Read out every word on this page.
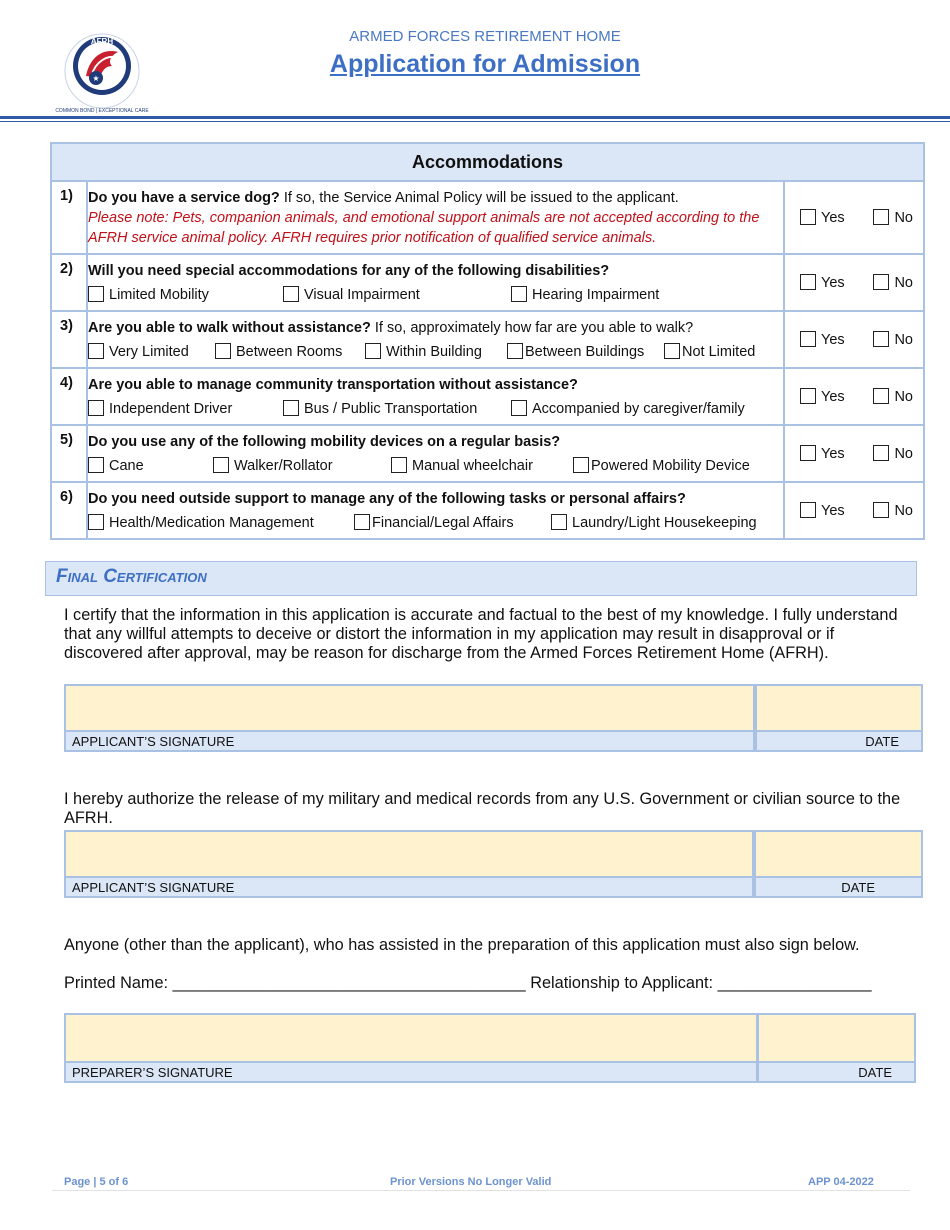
★
AFRH
COMMON BOND | EXCEPTIONAL CARE
ARMED FORCES RETIREMENT HOME
Application for Admission
Accommodations		
1)	Do you have a service dog? If so, the Service Animal Policy will be issued to the applicant.
Please note: Pets, companion animals, and emotional support animals are not accepted according to the AFRH service animal policy. AFRH requires prior notification of qualified service animals.	Yes No

2)	Will you need special accommodations for any of the following disabilities?
Limited Mobility Visual Impairment Hearing Impairment	Yes No

3)	Are you able to walk without assistance? If so, approximately how far are you able to walk?
Very Limited Between Rooms Within Building Between Buildings Not Limited	Yes No

4)	Are you able to manage community transportation without assistance?
Independent Driver Bus / Public Transportation Accompanied by caregiver/family	Yes No

5)	Do you use any of the following mobility devices on a regular basis?
Cane Walker/Rollator Manual wheelchair Powered Mobility Device	Yes No

6)	Do you need outside support to manage any of the following tasks or personal affairs?
Health/Medication Management Financial/Legal Affairs Laundry/Light Housekeeping	Yes No
Final Certification
I certify that the information in this application is accurate and factual to the best of my knowledge. I fully understand that any willful attempts to deceive or distort the information in my application may result in disapproval or if discovered after approval, may be reason for discharge from the Armed Forces Retirement Home (AFRH).
APPLICANT’S SIGNATURE	DATE
I hereby authorize the release of my military and medical records from any U.S. Government or civilian source to the AFRH.
APPLICANT’S SIGNATURE	DATE
Anyone (other than the applicant), who has assisted in the preparation of this application must also sign below.
Printed Name: _______________________________________ Relationship to Applicant: _________________
PREPARER’S SIGNATURE	DATE
Page | 5 of 6	Prior Versions No Longer Valid	APP 04-2022
